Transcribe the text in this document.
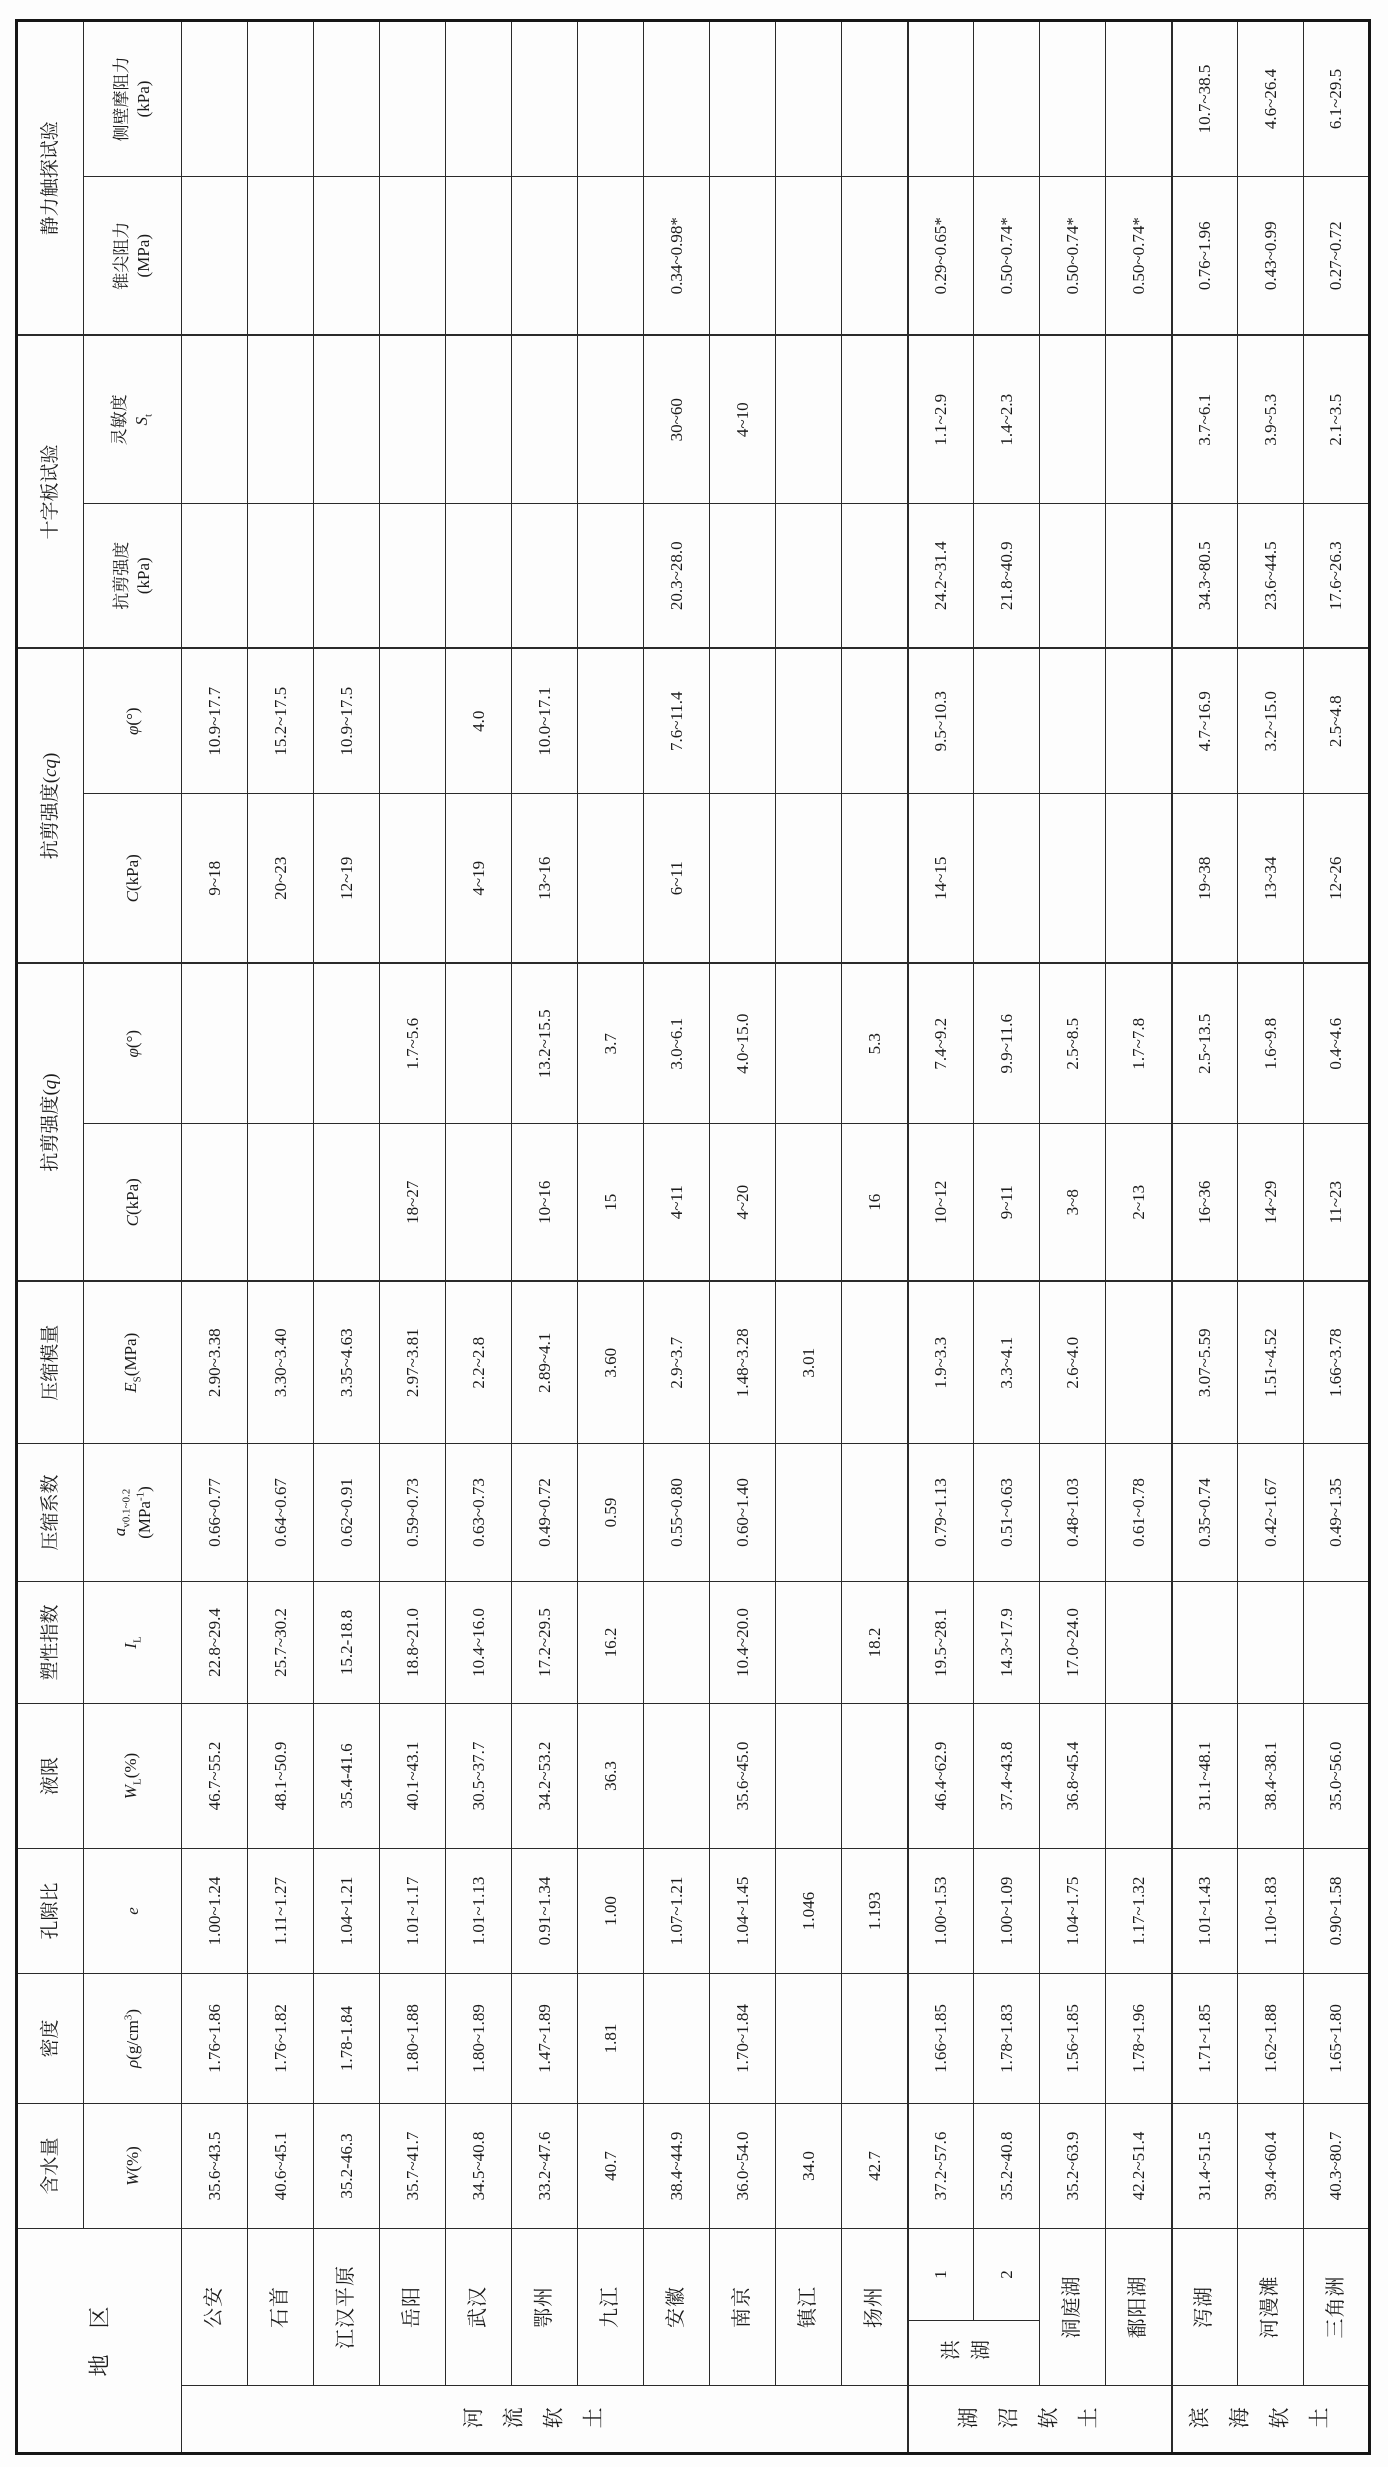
地　区			含水量	密度	孔隙比	液限	塑性指数	压缩系数	压缩模量	抗剪强度(q)		抗剪强度(cq)		十字板试验		静力触探试验	
			W(%)	$\rho(g/cm^3)$	e	$W_L(\%)$	$I_L$	$a_{v0.1\sim 0.2}$ (MPa$^{-1}$)	$E_S(MPa)$	C(kPa)	φ(°)	C(kPa)	φ(°)	抗剪强度 (kPa)	灵敏度 $S_t$	锥尖阻力 (MPa)	侧壁摩阻力 (kPa)
河流软土	公安		35.6~43.5	1.76~1.86	1.00~1.24	46.7~55.2	22.8~29.4	0.66~0.77	2.90~3.38			9~18	10.9~17.7				
	石首		40.6~45.1	1.76~1.82	1.11~1.27	48.1~50.9	25.7~30.2	0.64~0.67	3.30~3.40			20~23	15.2~17.5				
	江汉平原		35.2-46.3	1.78-1.84	1.04~1.21	35.4-41.6	15.2-18.8	0.62~0.91	3.35~4.63			12~19	10.9~17.5				
	岳阳		35.7~41.7	1.80~1.88	1.01~1.17	40.1~43.1	18.8~21.0	0.59~0.73	2.97~3.81	18~27	1.7~5.6						
	武汉		34.5~40.8	1.80~1.89	1.01~1.13	30.5~37.7	10.4~16.0	0.63~0.73	2.2~2.8			4~19	4.0				
	鄂州		33.2~47.6	1.47~1.89	0.91~1.34	34.2~53.2	17.2~29.5	0.49~0.72	2.89~4.1	10~16	13.2~15.5	13~16	10.0~17.1				
	九江		40.7	1.81	1.00	36.3	16.2	0.59	3.60	15	3.7						
	安徽		38.4~44.9		1.07~1.21			0.55~0.80	2.9~3.7	4~11	3.0~6.1	6~11	7.6~11.4	20.3~28.0	30~60	0.34~0.98*	
	南京		36.0~54.0	1.70~1.84	1.04~1.45	35.6~45.0	10.4~20.0	0.60~1.40	1.48~3.28	4~20	4.0~15.0				4~10		
	镇江		34.0		1.046				3.01								
	扬州		42.7		1.193		18.2			16	5.3						
湖沼软土	洪湖	1	37.2~57.6	1.66~1.85	1.00~1.53	46.4~62.9	19.5~28.1	0.79~1.13	1.9~3.3	10~12	7.4~9.2	14~15	9.5~10.3	24.2~31.4	1.1~2.9	0.29~0.65*	
		2	35.2~40.8	1.78~1.83	1.00~1.09	37.4~43.8	14.3~17.9	0.51~0.63	3.3~4.1	9~11	9.9~11.6			21.8~40.9	1.4~2.3	0.50~0.74*	
	洞庭湖		35.2~63.9	1.56~1.85	1.04~1.75	36.8~45.4	17.0~24.0	0.48~1.03	2.6~4.0	3~8	2.5~8.5					0.50~0.74*	
	鄱阳湖		42.2~51.4	1.78~1.96	1.17~1.32			0.61~0.78		2~13	1.7~7.8					0.50~0.74*	
滨海软土	泻湖		31.4~51.5	1.71~1.85	1.01~1.43	31.1~48.1		0.35~0.74	3.07~5.59	16~36	2.5~13.5	19~38	4.7~16.9	34.3~80.5	3.7~6.1	0.76~1.96	10.7~38.5
	河漫滩		39.4~60.4	1.62~1.88	1.10~1.83	38.4~38.1		0.42~1.67	1.51~4.52	14~29	1.6~9.8	13~34	3.2~15.0	23.6~44.5	3.9~5.3	0.43~0.99	4.6~26.4
	三角洲		40.3~80.7	1.65~1.80	0.90~1.58	35.0~56.0		0.49~1.35	1.66~3.78	11~23	0.4~4.6	12~26	2.5~4.8	17.6~26.3	2.1~3.5	0.27~0.72	6.1~29.5
